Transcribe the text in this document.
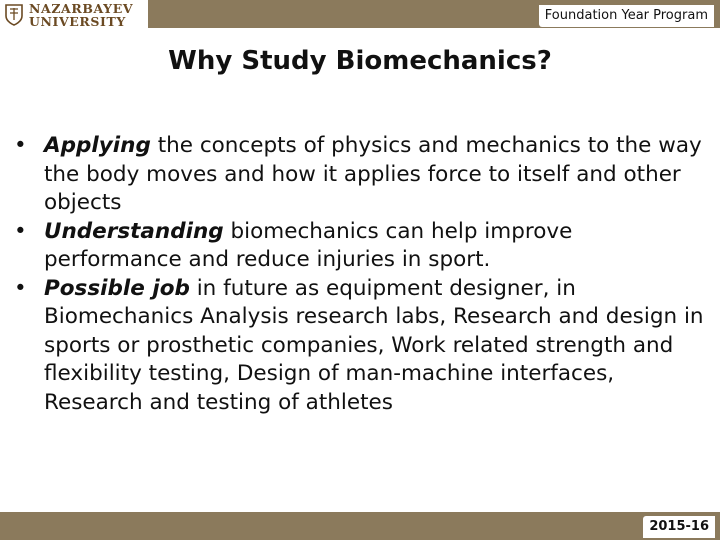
NAZARBAYEV
UNIVERSITY	Foundation Year Program
Why Study Biomechanics?

• Applying the concepts of physics and mechanics to the way the body moves and how it applies force to itself and other objects

• Understanding biomechanics can help improve performance and reduce injuries in sport.

• Possible job in future as equipment designer, in Biomechanics Analysis research labs, Research and design in sports or prosthetic companies, Work related strength and flexibility testing, Design of man-machine interfaces, Research and testing of athletes

2015-16
